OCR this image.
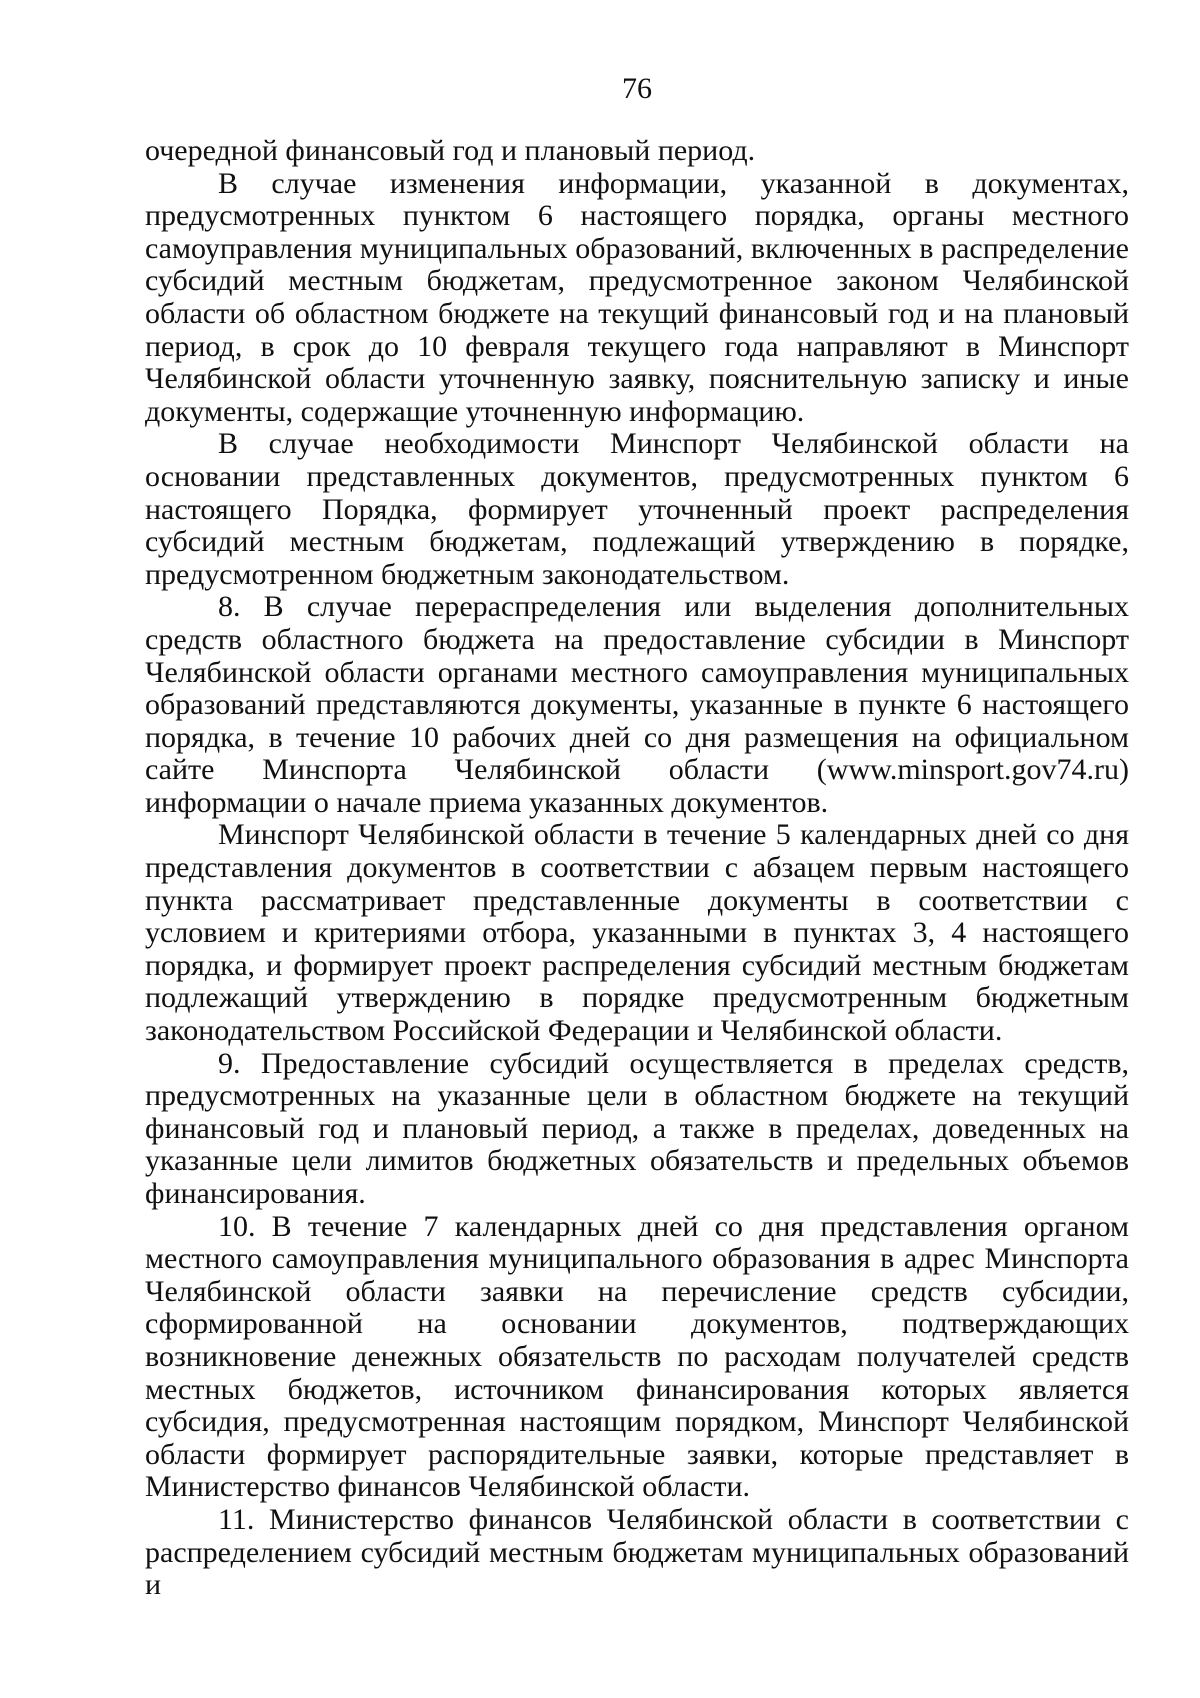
76

очередной финансовый год и плановый период.

В случае изменения информации, указанной в документах, предусмотренных пунктом 6 настоящего порядка, органы местного самоуправления муниципальных образований, включенных в распределение субсидий местным бюджетам, предусмотренное законом Челябинской области об областном бюджете на текущий финансовый год и на плановый период, в срок до 10 февраля текущего года направляют в Минспорт Челябинской области уточненную заявку, пояснительную записку и иные документы, содержащие уточненную информацию.

В случае необходимости Минспорт Челябинской области на основании представленных документов, предусмотренных пунктом 6 настоящего Порядка, формирует уточненный проект распределения субсидий местным бюджетам, подлежащий утверждению в порядке, предусмотренном бюджетным законодательством.

8. В случае перераспределения или выделения дополнительных средств областного бюджета на предоставление субсидии в Минспорт Челябинской области органами местного самоуправления муниципальных образований представляются документы, указанные в пункте 6 настоящего порядка, в течение 10 рабочих дней со дня размещения на официальном сайте Минспорта Челябинской области (www.minsport.gov74.ru) информации о начале приема указанных документов.

Минспорт Челябинской области в течение 5 календарных дней со дня представления документов в соответствии с абзацем первым настоящего пункта рассматривает представленные документы в соответствии с условием и критериями отбора, указанными в пунктах 3, 4 настоящего порядка, и формирует проект распределения субсидий местным бюджетам подлежащий утверждению в порядке предусмотренным бюджетным законодательством Российской Федерации и Челябинской области.

9. Предоставление субсидий осуществляется в пределах средств, предусмотренных на указанные цели в областном бюджете на текущий финансовый год и плановый период, а также в пределах, доведенных на указанные цели лимитов бюджетных обязательств и предельных объемов финансирования.

10. В течение 7 календарных дней со дня представления органом местного самоуправления муниципального образования в адрес Минспорта Челябинской области заявки на перечисление средств субсидии, сформированной на основании документов, подтверждающих возникновение денежных обязательств по расходам получателей средств местных бюджетов, источником финансирования которых является субсидия, предусмотренная настоящим порядком, Минспорт Челябинской области формирует распорядительные заявки, которые представляет в Министерство финансов Челябинской области.

11. Министерство финансов Челябинской области в соответствии с распределением субсидий местным бюджетам муниципальных образований и
